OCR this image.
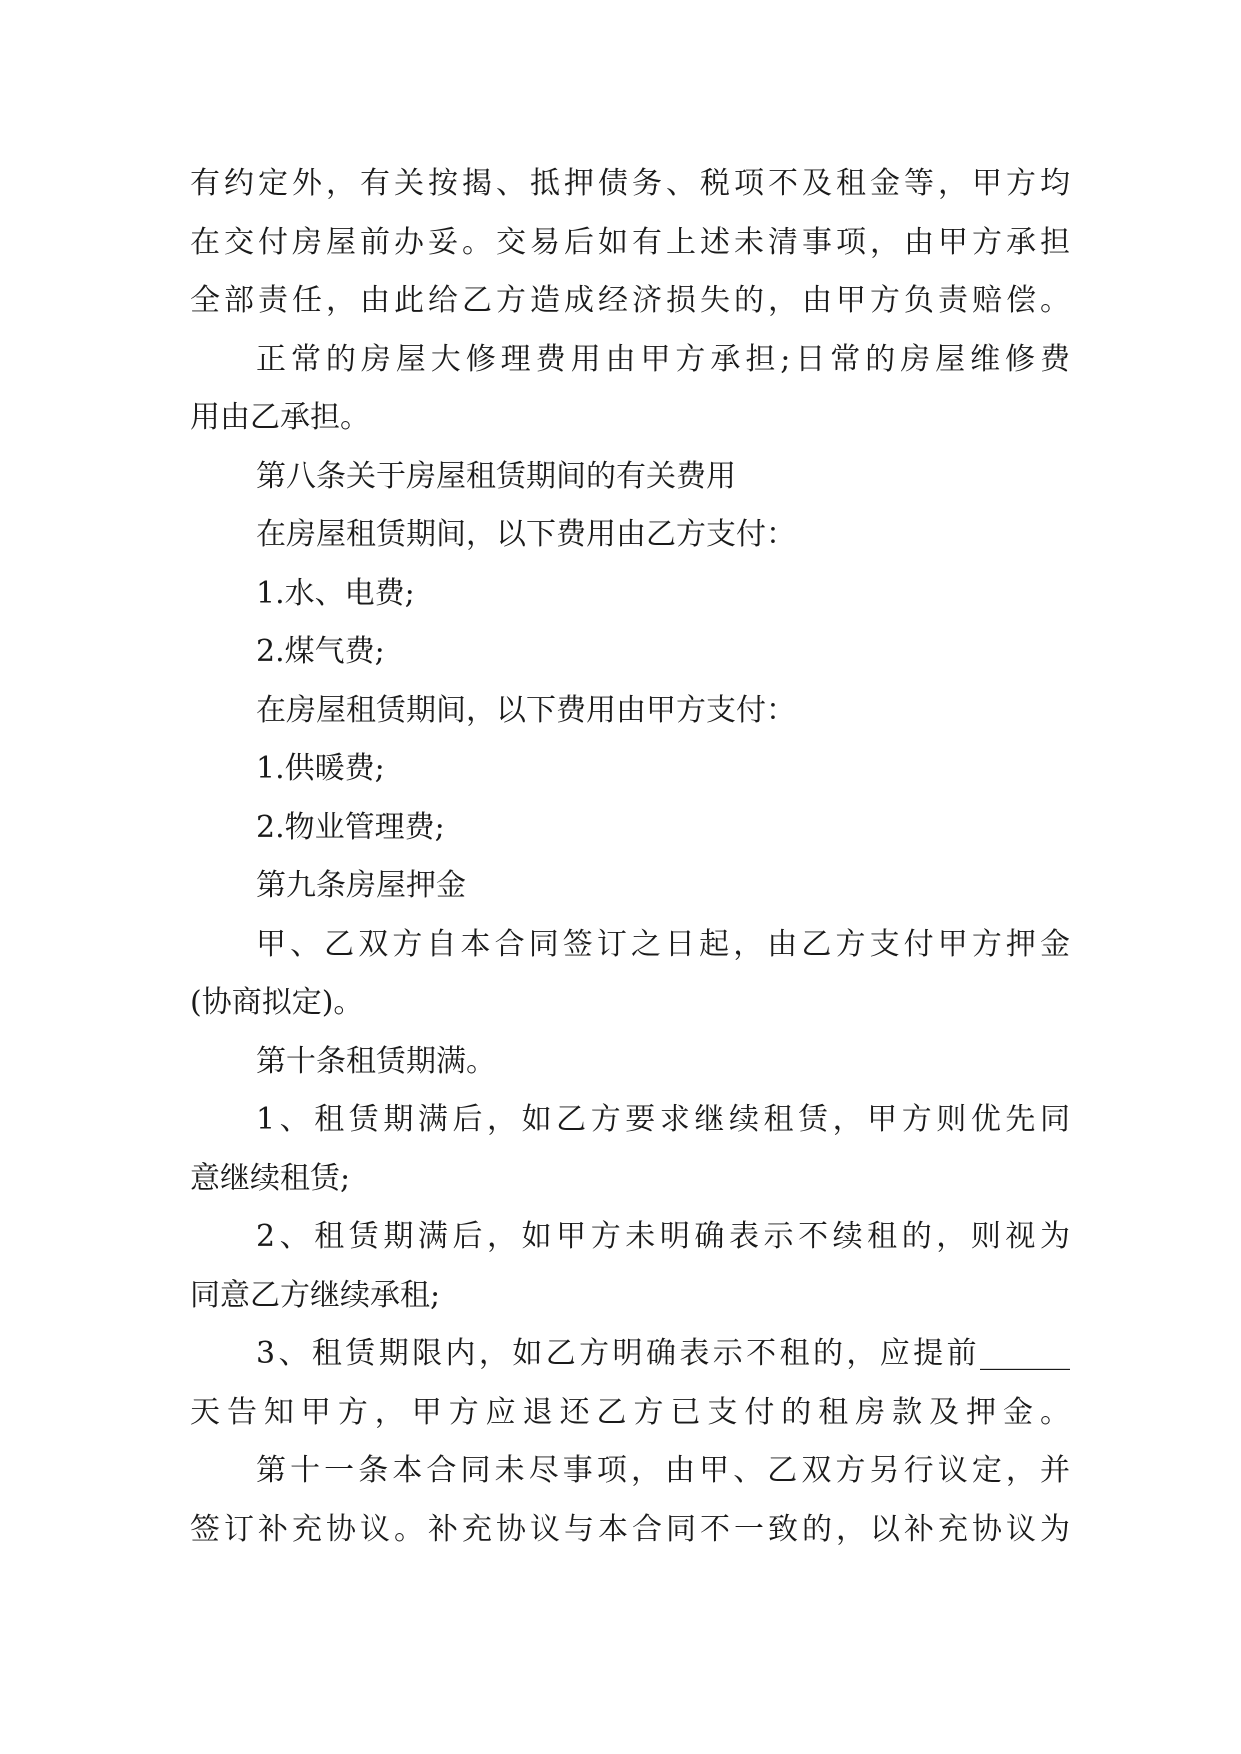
有约定外，有关按揭、抵押债务、税项不及租金等，甲方均
在交付房屋前办妥。交易后如有上述未清事项，由甲方承担
全部责任，由此给乙方造成经济损失的，由甲方负责赔偿。
正常的房屋大修理费用由甲方承担;日常的房屋维修费
用由乙承担。
第八条关于房屋租赁期间的有关费用
在房屋租赁期间，以下费用由乙方支付：
1.水、电费;
2.煤气费;
在房屋租赁期间，以下费用由甲方支付：
1.供暖费;
2.物业管理费;
第九条房屋押金
甲、乙双方自本合同签订之日起，由乙方支付甲方押金
(协商拟定)。
第十条租赁期满。
1、租赁期满后，如乙方要求继续租赁，甲方则优先同
意继续租赁;
2、租赁期满后，如甲方未明确表示不续租的，则视为
同意乙方继续承租;
3、租赁期限内，如乙方明确表示不租的，应提前______
天告知甲方，甲方应退还乙方已支付的租房款及押金。
第十一条本合同未尽事项，由甲、乙双方另行议定，并
签订补充协议。补充协议与本合同不一致的，以补充协议为
